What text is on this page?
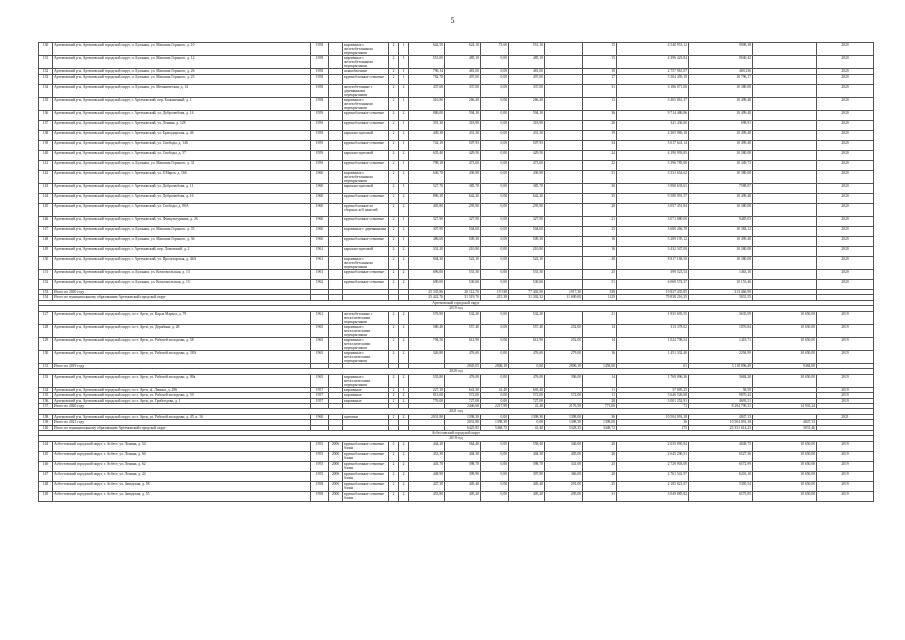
5
130	Артемовский р-н, Артемовский городской округ, п. Буланаш, ул. Максима Горького, д. 10	1958		кирпичные с железобетонными перекрытиями	2	1	642,50	624,10	73,60	551,10		15	4 540 951,12	9908,38		2020	
131	Артемовский р-н, Артемовский городской округ, п. Буланаш, ул. Максима Горького, д. 12	1958		кирпичные с железобетонными перекрытиями	2	1	551,00	485,10	0,00	485,10		15	4 396 423,84	9040,42		2020	
132	Артемовский р-н, Артемовский городской округ, п. Буланаш, ул. Максима Горького, д. 26	1958		шлакоблочные	2	1	796,14	481,00	0,00	481,00		10	2 757 961,07	469,236		2020	
133	Артемовский р-н, Артемовский городской округ, п. Буланаш, ул. Максима Горького, д. 23	1958		крупноблочные стеновые	2	1	782,70	497,00	0,00	497,00		17	5 304 459,19	10 796,17		2020	
134	Артемовский р-н, Артемовский городской округ, п. Буланаш, ул. Механическая, д. 14	1958		железобетонные с деревянными перекрытиями	2	2	437,60	337,00	0,00	337,00		31	3 186 071,00	10 380,08		2020	
135	Артемовский р-н, Артемовский городской округ, г. Артемовский, пер. Больничный, д. 1	1958		кирпичные с железобетонными перекрытиями	2	1	316,80	266,40	0,00	266,40		13	3 465 861,37	10 499,48		2020	
136	Артемовский р-н, Артемовский городской округ, г. Артемовский, ул. Добролюбова, д. 14	1959		крупноблочные стеновые	2	2	886,00	594,10	0,00	594,10		36	9 714 486,86	10 499,48		2020	
137	Артемовский р-н, Артемовский городской округ, г. Артемовский, ул. Ленина, д. 128	1959		крупноблочные стеновые	2	1	391,30	318,90	0,00	318,90		26	341 436,00	698,91		2020	
138	Артемовский р-н, Артемовский городской округ, г. Артемовский, ул. Бригадирская, д. 46	1959		каркасно-щитовой	2	2	449,30	431,30	0,00	431,30		19	4 305 969,18	10 499,48		2020	
139	Артемовский р-н, Артемовский городской округ, г. Артемовский, ул. Свободы, д. 146	1959		крупноблочные стеновые	2	1	742,10	507,93	0,00	507,93		34	5 017 641,14	10 499,48		2020	
140	Артемовский р-н, Артемовский городской округ, г. Артемовский, ул. Свободы, д. 57	1959		каркасно-щитовой	2	2	635,40	429,50	0,00	429,50		24	4 190 993,85	10 380,08		2020	
141	Артемовский р-н, Артемовский городской округ, п. Буланаш, ул. Максима Горького, д. 31	1959		крупноблочные стеновые	2	1	798,10	473,00	0,00	473,00		22	5 396 785,08	10 349,73		2020	
142	Артемовский р-н, Артемовский городской округ, г. Артемовский, ул. 8 Марта, д. 166	1960		кирпичные с железобетонными перекрытиями	2	2	636,70	436,90	0,00	436,90		31	3 331 654,62	10 380,08		2020	
143	Артемовский р-н, Артемовский городской округ, г. Артемовский, ул. Добролюбова, д. 11	1960		каркасно-щитовой	2	1	527,70	385,70	0,00	385,70		36	3 980 633,61	7588,87		2020	
144	Артемовский р-н, Артемовский городской округ, г. Артемовский, ул. Добролюбова, д. 16	1960		крупноблочные стеновые	2	2	896,30	642,20	0,00	642,20		35	9 588 991,57	10 499,48		2020	
145	Артемовский р-н, Артемовский городской округ, г. Артемовский, ул. Свободы, д. 80А	1960		крупноблочные из сборных ж/б панелей	2	2	405,80	295,90	0,00	295,90		20	3 057 451,84	10 380,08		2020	
146	Артемовский р-н, Артемовский городской округ, г. Артемовский, ул. Физкультурника, д. 26	1960		крупноблочные стеновые	2	1	327,90	327,90	0,00	327,90		21	3 071 080,00	9485,03		2020	
147	Артемовский р-н, Артемовский городской округ, п. Буланаш, ул. Максима Горького, д. 35	1960		кирпичные с деревянными	2	2	307,90	504,00	0,00	504,00		25	3 680 266,78	10 384,12		2020	
148	Артемовский р-н, Артемовский городской округ, п. Буланаш, ул. Максима Горького, д. 36	1960		крупноблочные стеновые	2	1	486,60	509,30	0,00	509,30		16	5 289 195,12	10 499,48		2020	
149	Артемовский р-н, Артемовский городской округ, г. Артемовский, пер. Ломовский, д. 2	1961		каркасно-щитовой	2	2	331,20	210,80	0,00	210,80		16	3 432 347,00	10 380,08		2020	
150	Артемовский р-н, Артемовский городской округ, г. Артемовский, ул. Пролетарская, д. 46А	1961		кирпичные с железобетонными перекрытиями	2	2	944,30	522,10	0,00	522,10		40	8 817 168,50	10 380,08		2020	
151	Артемовский р-н, Артемовский городской округ, п. Буланаш, ул. Комсомольская, д. 13	1961		крупноблочные стеновые	2	2	696,00	531,30	0,00	531,30		25	399 523,54	1463,10		2020	
152	Артемовский р-н, Артемовский городской округ, п. Буланаш, ул. Комсомольская, д. 15	1962		крупноблочные стеновые	2	2	690,00	530,60	0,00	530,60		51	6 068 574,37	10 153,46		2020	
153	Итого по 2020 году						25 335,86	20 112,70	19 538	77 402,90	1917,30	339	19 837 435,85	313 466,99			
154	Итого по муниципальному образованию Артемовский городской округ						25 422,76	31 519,70	215,39	31 302,32	11 690,00	1129	79 838 216,35	3031,55			
Артемовский городской округ																	
2019 год																	
127	Артемовский р-н, Артемовский городской округ, п.г.т. Арти, ул. Карла Маркса, д. 79	1961		железобетонные с металлическими перекрытиями	2	2	576,90	532,20	0,00	532,20		21	1 935 693,55	3635,09	10 650,00	2019	
128	Артемовский р-н, Артемовский городской округ, п.г.т. Арти, ул. Дерябина, д. 28	1965		кирпичные с металлическими перекрытиями	2	2	580,40	557,40	0,00	557,40	252,00	14	313 378,02	1876,84	10 650,00	2019	
129	Артемовский р-н, Артемовский городской округ, п.г.т. Арти, ул. Рабочей молодежи, д. 58	1965		кирпичные с металлическими перекрытиями	2	2	794,50	612,90	0,00	612,90	252,00	14	1 024 798,54	1418,71	10 650,00	2019	
130	Артемовский р-н, Артемовский городской округ, п.г.т. Арти, ул. Рабочей молодежи, д. 58А	1965		кирпичные с металлическими перекрытиями	2	2	326,80	476,60	0,00	476,60	279,00	16	1 451 332,40	2294,99	10 650,00	2019	
131	Итого по 2019 году							2845,05	2806,10	0,00	2806,10	1458,00	61	5 118 096,49	9484,00		
2020 год																	
133	Артемовский р-н, Артемовский городской округ, п.г.т. Арти, ул. Рабочей молодежи, д. 80а	1965		кирпичные с металлическими перекрытиями	2	2	533,80	476,00	0,00	476,00	396,00	14	1 769 096,36	3684,20	10 650,00	2019	
134	Артемовский р-н, Артемовский городской округ, п.г.т. Арти, ul. Ленина, д. 296	1957		кирпичные	2	1	227,10	641,30	41,40	603,40		11	37 005,25	58,59		2019	
135	Артемовский р-н, Артемовский городской округ, п.г.т. Арти, ул. Рабочей молодежи, д. 50	1957		кирпичные	2	2	813,60	572,00	0,00	572,00	572,00	11	5 646 526,68	9870,44		2019	
136	Артемовский р-н, Артемовский городской округ, п.г.т. Арти, ул. Грибоедова, д. 1	1957		кирпичные	2	2	776,00	727,00	0,00	727,00		28	3 001 252,91	4693,51		2019	
137	Итого по 2020 году							2446,60	2217,90	41,40	2176,50	771,00	71	8 284 790,31	14 933,24		
2021 год																	
138	Артемовский р-н, Артемовский городской округ, п.г.т. Арти, ул. Рабочей молодежи, д. 45, к. 16	1960		щитовые	2	2	2031,80	1398,30	0,00	1398,30	1398,00	36	10 504 091,18	4847,13		2021	
139	Итого по 2021 году							2031,80	1398,30	0,00	1398,30	1398,00	36	10 504 091,18	4847,13		
140	Итого по муниципальному образованию Артемовский городской округ							6425,85	5468,75	41,40	5328,35	3448,72	175	23 331 614,23	3031,46		
Асбестовский городской округ																	
2019 год																	
144	Асбестовский городской округ, г. Асбест, ул. Ленина, д. 54	1955	2006	крупноблочные стеновые блоки	2	2	444,20	564,40	0,00	558,40	346,00	20	2 035 095,94	4048,75	10 650,00	2019	
145	Асбестовский городской округ, г. Асбест, ул. Ленина, д. 60	1955	2006	крупноблочные стеновые блоки	2	2	453,30	404,30	0,00	404,30	405,00	26	2 645 290,51	6527,36	10 650,00	2019	
146	Асбестовский городской округ, г. Асбест, ул. Ленина, д. 62	1955	2006	крупноблочные стеновые блоки	2	2	443,70	398,70	0,00	398,70	341,00	25	2 729 903,09	6572,99	10 650,00	2019	
147	Асбестовский городской округ, г. Асбест, ул. Ленина, д. 24	1955	2006	крупноблочные стеновые блоки	2	2	448,90	399,90	0,00	397,80	366,00	20	2 761 541,97	6201,10	10 650,00	2019	
148	Асбестовский городской округ, г. Асбест, ул. Заводская, д. 58	1958	2006	крупноблочные стеновые блоки	2	2	447,30	405,40	0,00	405,40	291,00	25	2 185 821,07	5395,54	10 650,00	2019	
149	Асбестовский городской округ, г. Асбест, ул. Заводская, д. 55	1958	2006	крупноблочные стеновые блоки	2	2	453,80	405,20	0,00	405,20	295,00	31	3 049 885,82	6575,85	10 650,00	2019	
